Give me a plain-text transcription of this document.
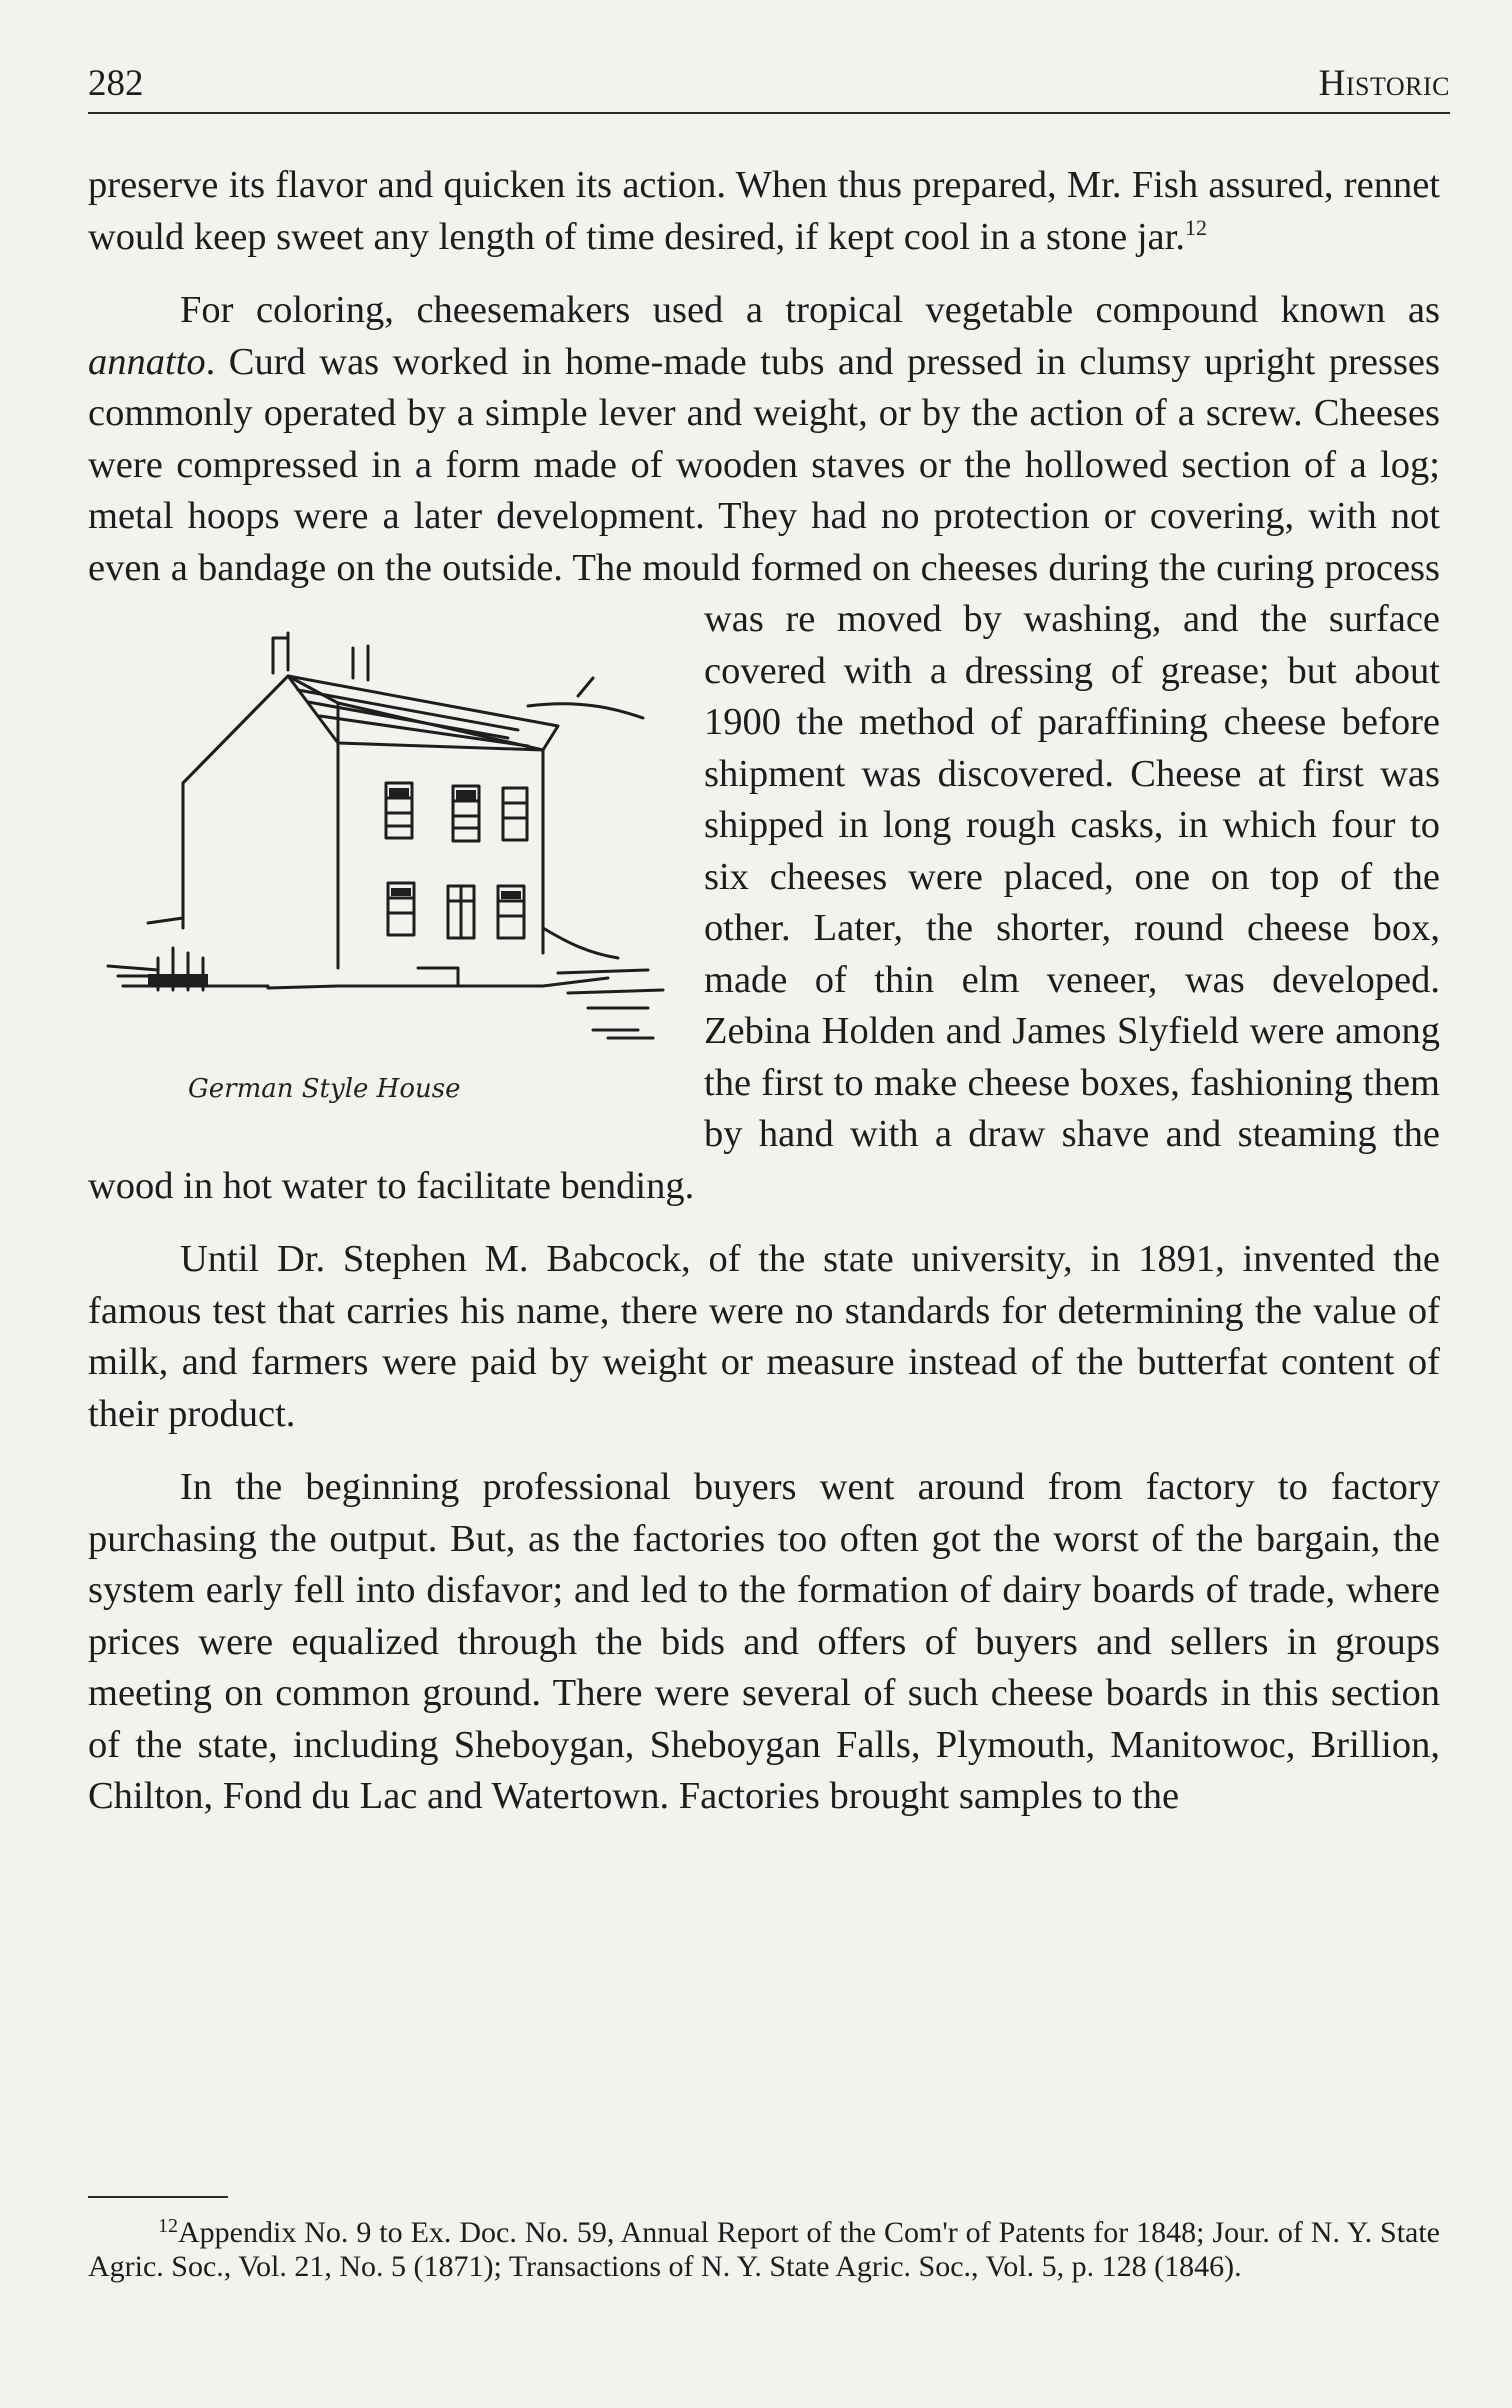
282	Historic

preserve its flavor and quicken its action. When thus prepared, Mr. Fish assured, rennet would keep sweet any length of time desired, if kept cool in a stone jar.$^{12}$

For coloring, cheesemakers used a tropical vegetable compound known as annatto. Curd was worked in home-made tubs and pressed in clumsy upright presses commonly operated by a simple lever and weight, or by the action of a screw. Cheeses were compressed in a form made of wooden staves or the hollowed section of a log; metal hoops were a later development. They had no protection or covering, with not even a bandage on the outside. The mould formed on cheeses during the curing process was re
German Style House
moved by washing, and the surface covered with a dressing of grease; but about 1900 the method of paraffining cheese before shipment was discovered. Cheese at first was shipped in long rough casks, in which four to six cheeses were placed, one on top of the other. Later, the shorter, round cheese box, made of thin elm veneer, was developed. Zebina Holden and James Slyfield were among the first to make cheese boxes, fashioning them by hand with a draw shave and steaming the wood in hot water to facilitate bending.

Until Dr. Stephen M. Babcock, of the state university, in 1891, invented the famous test that carries his name, there were no standards for determining the value of milk, and farmers were paid by weight or measure instead of the butterfat content of their product.

In the beginning professional buyers went around from factory to factory purchasing the output. But, as the factories too often got the worst of the bargain, the system early fell into disfavor; and led to the formation of dairy boards of trade, where prices were equalized through the bids and offers of buyers and sellers in groups meeting on common ground. There were several of such cheese boards in this section of the state, including Sheboygan, Sheboygan Falls, Plymouth, Manitowoc, Brillion, Chilton, Fond du Lac and Watertown. Factories brought samples to the

$^{12}$Appendix No. 9 to Ex. Doc. No. 59, Annual Report of the Com'r of Patents for 1848; Jour. of N. Y. State Agric. Soc., Vol. 21, No. 5 (1871); Transactions of N. Y. State Agric. Soc., Vol. 5, p. 128 (1846).
